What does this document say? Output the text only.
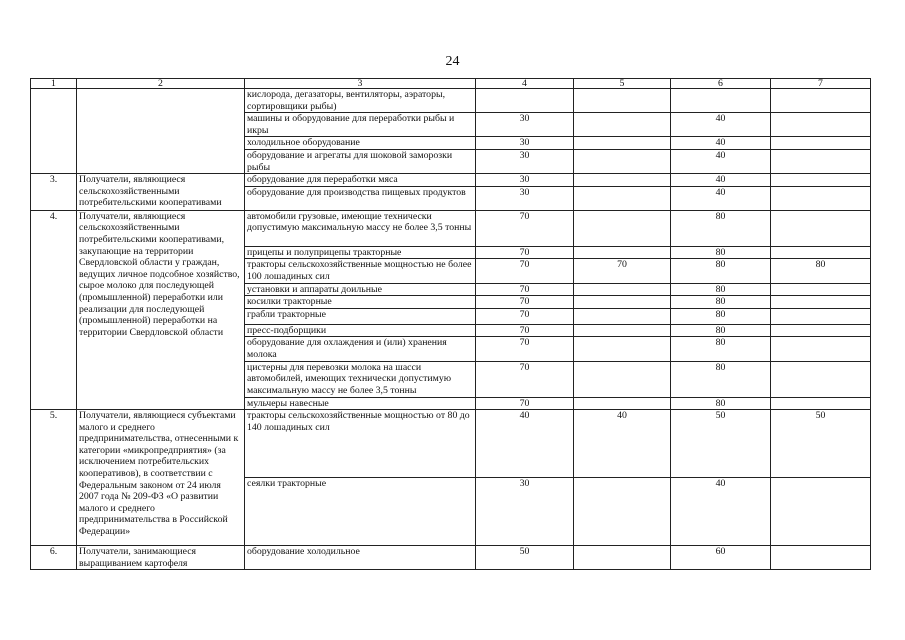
24
1	2	3	4	5	6	7
		кислорода, дегазаторы, вентиляторы, аэраторы, сортировщики рыбы)				
		машины и оборудование для переработки рыбы и икры	30		40	
		холодильное оборудование	30		40	
		оборудование и агрегаты для шоковой заморозки рыбы	30		40	
3.	Получатели, являющиеся сельскохозяйственными потребительскими кооперативами	оборудование для переработки мяса	30		40	
		оборудование для производства пищевых продуктов	30		40	
4.	Получатели, являющиеся сельскохозяйственными потребительскими кооперативами, закупающие на территории Свердловской области у граждан, ведущих личное подсобное хозяйство, сырое молоко для последующей (промышленной) переработки или реализации для последующей (промышленной) переработки на территории Свердловской области	автомобили грузовые, имеющие технически допустимую максимальную массу не более 3,5 тонны	70		80	
		прицепы и полуприцепы тракторные	70		80	
		тракторы сельскохозяйственные мощностью не более 100 лошадиных сил	70	70	80	80
		установки и аппараты доильные	70		80	
		косилки тракторные	70		80	
		грабли тракторные	70		80	
		пресс-подборщики	70		80	
		оборудование для охлаждения и (или) хранения молока	70		80	
		цистерны для перевозки молока на шасси автомобилей, имеющих технически допустимую максимальную массу не более 3,5 тонны	70		80	
		мульчеры навесные	70		80	
5.	Получатели, являющиеся субъектами малого и среднего предпринимательства, отнесенными к категории «микропредприятия» (за исключением потребительских кооперативов), в соответствии с Федеральным законом от 24 июля 2007 года № 209-ФЗ «О развитии малого и среднего предпринимательства в Российской Федерации»	тракторы сельскохозяйственные мощностью от 80 до 140 лошадиных сил	40	40	50	50
		сеялки тракторные	30		40	
6.	Получатели, занимающиеся выращиванием картофеля	оборудование холодильное	50		60	
